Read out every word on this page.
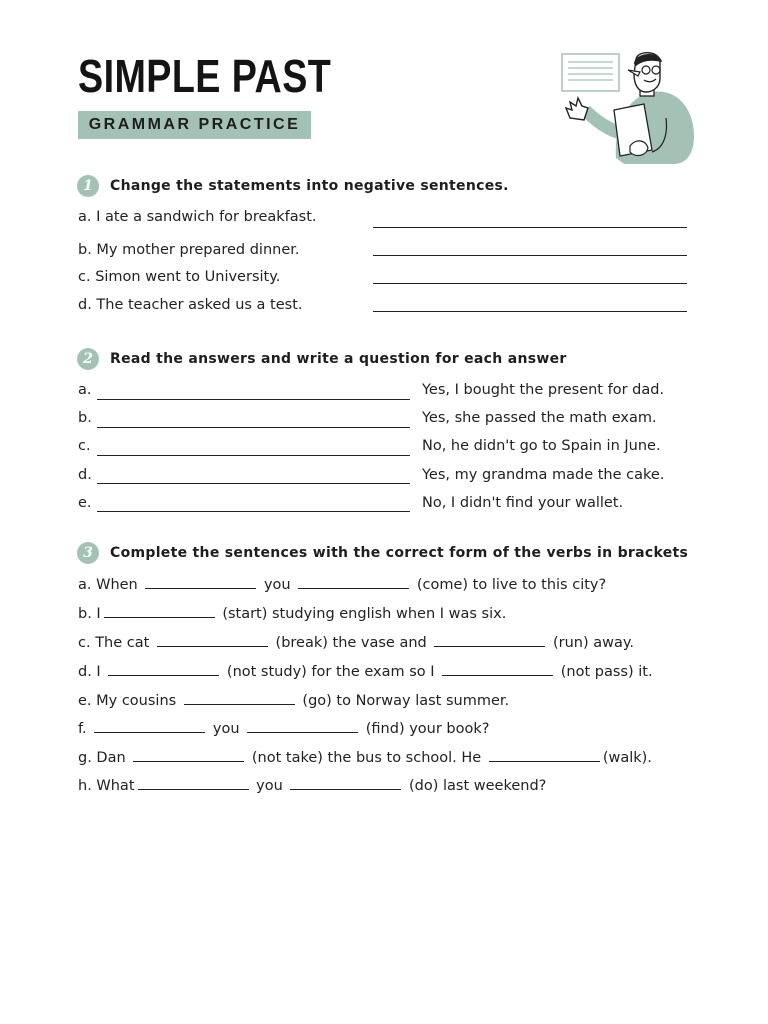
SIMPLE PAST
GRAMMAR PRACTICE
1	Change the statements into negative sentences.
a. I ate a sandwich for breakfast.
b. My mother prepared dinner.
c. Simon went to University.
d. The teacher asked us a test.
2	Read the answers and write a question for each answer
a.	Yes, I bought the present for dad.
b.	Yes, she passed the math exam.
c.	No, he didn't go to Spain in June.
d.	Yes, my grandma made the cake.
e.	No, I didn't find your wallet.
3	Complete the sentences with the correct form of the verbs in brackets
a. When	you	(come) to live to this city?
b. I	(start) studying english when I was six.
c. The cat	(break) the vase and	(run) away.
d. I	(not study) for the exam so I	(not pass) it.
e. My cousins	(go) to Norway last summer.
f.	you	(find) your book?
g. Dan	(not take) the bus to school. He	(walk).
h. What	you	(do) last weekend?
